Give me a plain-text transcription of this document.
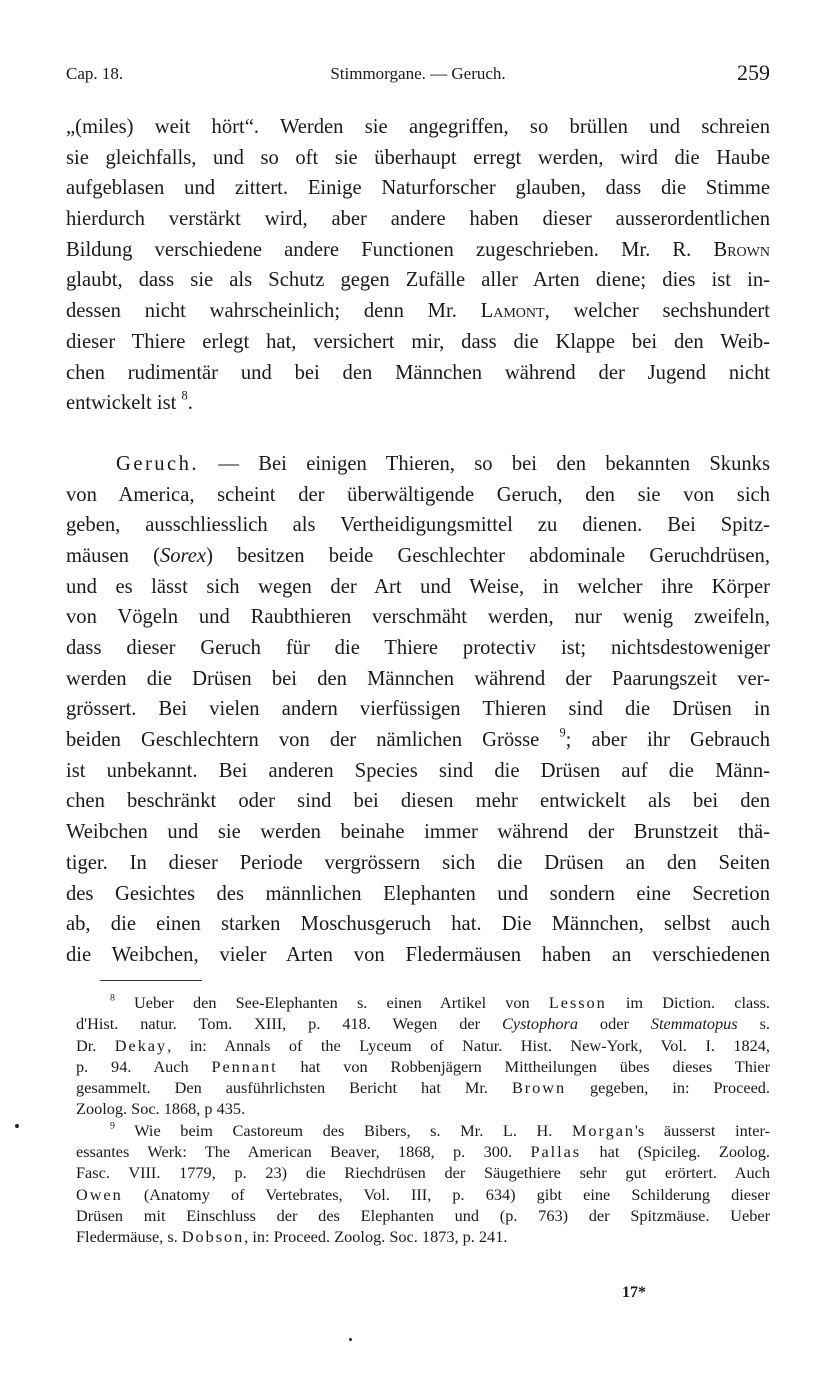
Cap. 18.	Stimmorgane. — Geruch.	259
„(miles) weit hört“. Werden sie angegriffen, so brüllen und schreien
sie gleichfalls, und so oft sie überhaupt erregt werden, wird die Haube
aufgeblasen und zittert. Einige Naturforscher glauben, dass die Stimme
hierdurch verstärkt wird, aber andere haben dieser ausserordentlichen
Bildung verschiedene andere Functionen zugeschrieben. Mr. R. Brown
glaubt, dass sie als Schutz gegen Zufälle aller Arten diene; dies ist in-
dessen nicht wahrscheinlich; denn Mr. Lamont, welcher sechshundert
dieser Thiere erlegt hat, versichert mir, dass die Klappe bei den Weib-
chen rudimentär und bei den Männchen während der Jugend nicht
entwickelt ist $^8$.
Geruch. — Bei einigen Thieren, so bei den bekannten Skunks
von America, scheint der überwältigende Geruch, den sie von sich
geben, ausschliesslich als Vertheidigungsmittel zu dienen. Bei Spitz-
mäusen (Sorex) besitzen beide Geschlechter abdominale Geruchdrüsen,
und es lässt sich wegen der Art und Weise, in welcher ihre Körper
von Vögeln und Raubthieren verschmäht werden, nur wenig zweifeln,
dass dieser Geruch für die Thiere protectiv ist; nichtsdestoweniger
werden die Drüsen bei den Männchen während der Paarungszeit ver-
grössert. Bei vielen andern vierfüssigen Thieren sind die Drüsen in
beiden Geschlechtern von der nämlichen Grösse $^9$; aber ihr Gebrauch
ist unbekannt. Bei anderen Species sind die Drüsen auf die Männ-
chen beschränkt oder sind bei diesen mehr entwickelt als bei den
Weibchen und sie werden beinahe immer während der Brunstzeit thä-
tiger. In dieser Periode vergrössern sich die Drüsen an den Seiten
des Gesichtes des männlichen Elephanten und sondern eine Secretion
ab, die einen starken Moschusgeruch hat. Die Männchen, selbst auch
die Weibchen, vieler Arten von Fledermäusen haben an verschiedenen
$^8$ Ueber den See-Elephanten s. einen Artikel von Lesson im Diction. class.
d'Hist. natur. Tom. XIII, p. 418. Wegen der Cystophora oder Stemmatopus s.
Dr. Dekay, in: Annals of the Lyceum of Natur. Hist. New-York, Vol. I. 1824,
p. 94. Auch Pennant hat von Robbenjägern Mittheilungen übes dieses Thier
gesammelt. Den ausführlichsten Bericht hat Mr. Brown gegeben, in: Proceed.
Zoolog. Soc. 1868, p 435.
$^9$ Wie beim Castoreum des Bibers, s. Mr. L. H. Morgan's äusserst inter-
essantes Werk: The American Beaver, 1868, p. 300. Pallas hat (Spicileg. Zoolog.
Fasc. VIII. 1779, p. 23) die Riechdrüsen der Säugethiere sehr gut erörtert. Auch
Owen (Anatomy of Vertebrates, Vol. III, p. 634) gibt eine Schilderung dieser
Drüsen mit Einschluss der des Elephanten und (p. 763) der Spitzmäuse. Ueber
Fledermäuse, s. Dobson, in: Proceed. Zoolog. Soc. 1873, p. 241.
17*
